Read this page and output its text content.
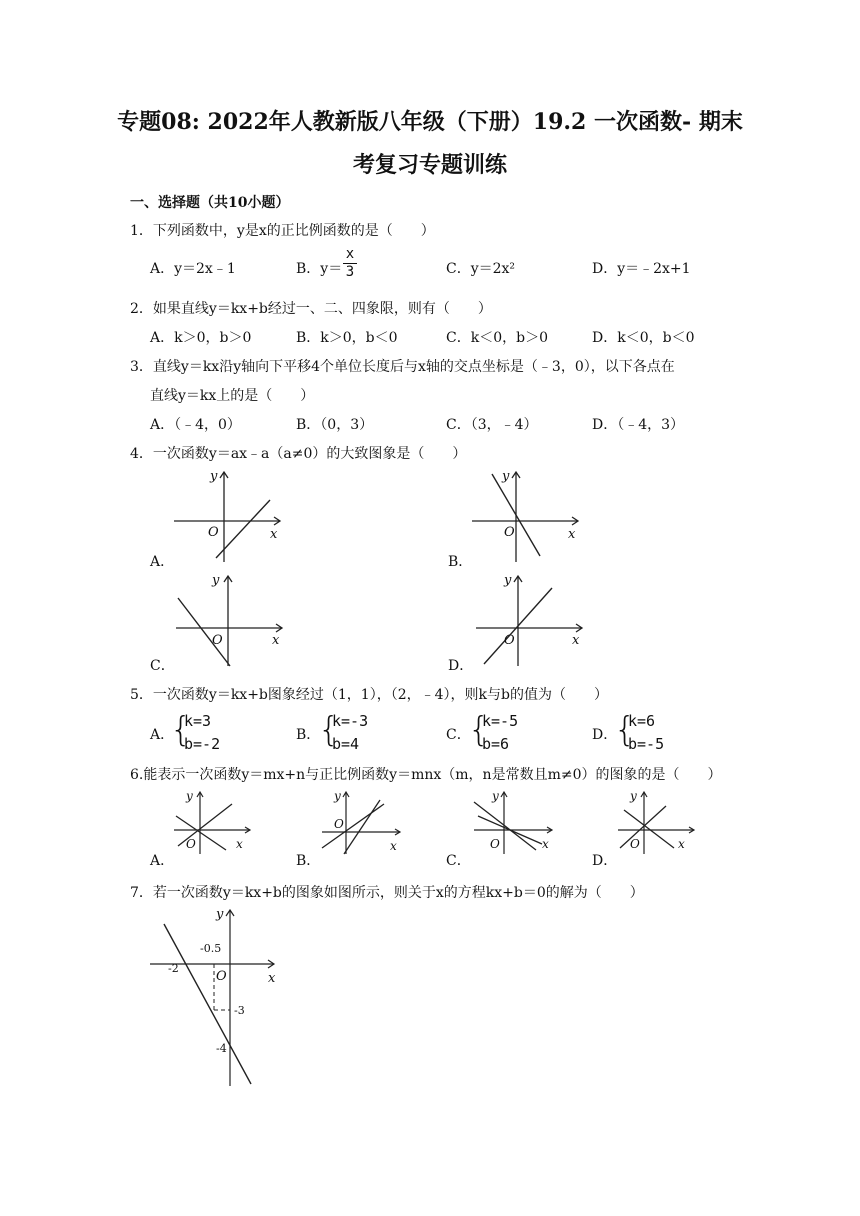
专题08: 2022年人教新版八年级（下册）19.2 一次函数- 期末
考复习专题训练
一、选择题（共10小题）
1．下列函数中，y是x的正比例函数的是（　　）
A．y＝2x﹣1	B．$y= \frac{x}{3}$	C．y＝2x²	D．y＝﹣2x+1
2．如果直线y＝kx+b经过一、二、四象限，则有（　　）
A．k＞0，b＞0	B．k＞0，b＜0	C．k＜0，b＞0	D．k＜0，b＜0
3．直线y＝kx沿y轴向下平移4个单位长度后与x轴的交点坐标是（﹣3，0），以下各点在
直线y＝kx上的是（　　）
A．（﹣4，0）	B．（0，3）	C．（3，﹣4）	D．（﹣4，3）
4．一次函数y＝ax﹣a（a≠0）的大致图象是（　　）
y
O	x
A．
y
O	x
B．
y
O	x
C．
y
O	x
D．
5．一次函数y＝kx+b图象经过（1，1），（2，﹣4），则k与b的值为（　　）
A．
{
k=3
b=-2	B．
{
k=-3
b=4	C．
{
k=-5
b=6	D．
{
k=6
b=-5
6.能表示一次函数y＝mx+n与正比例函数y＝mnx（m，n是常数且m≠0）的图象的是（　　）
y
O	x
A．
y
O
x
B．
y
O	x
C．
y
O	x
D．
7．若一次函数y＝kx+b的图象如图所示，则关于x的方程kx+b＝0的解为（　　）
y
O	x
-2
-0.5
-3
-4
